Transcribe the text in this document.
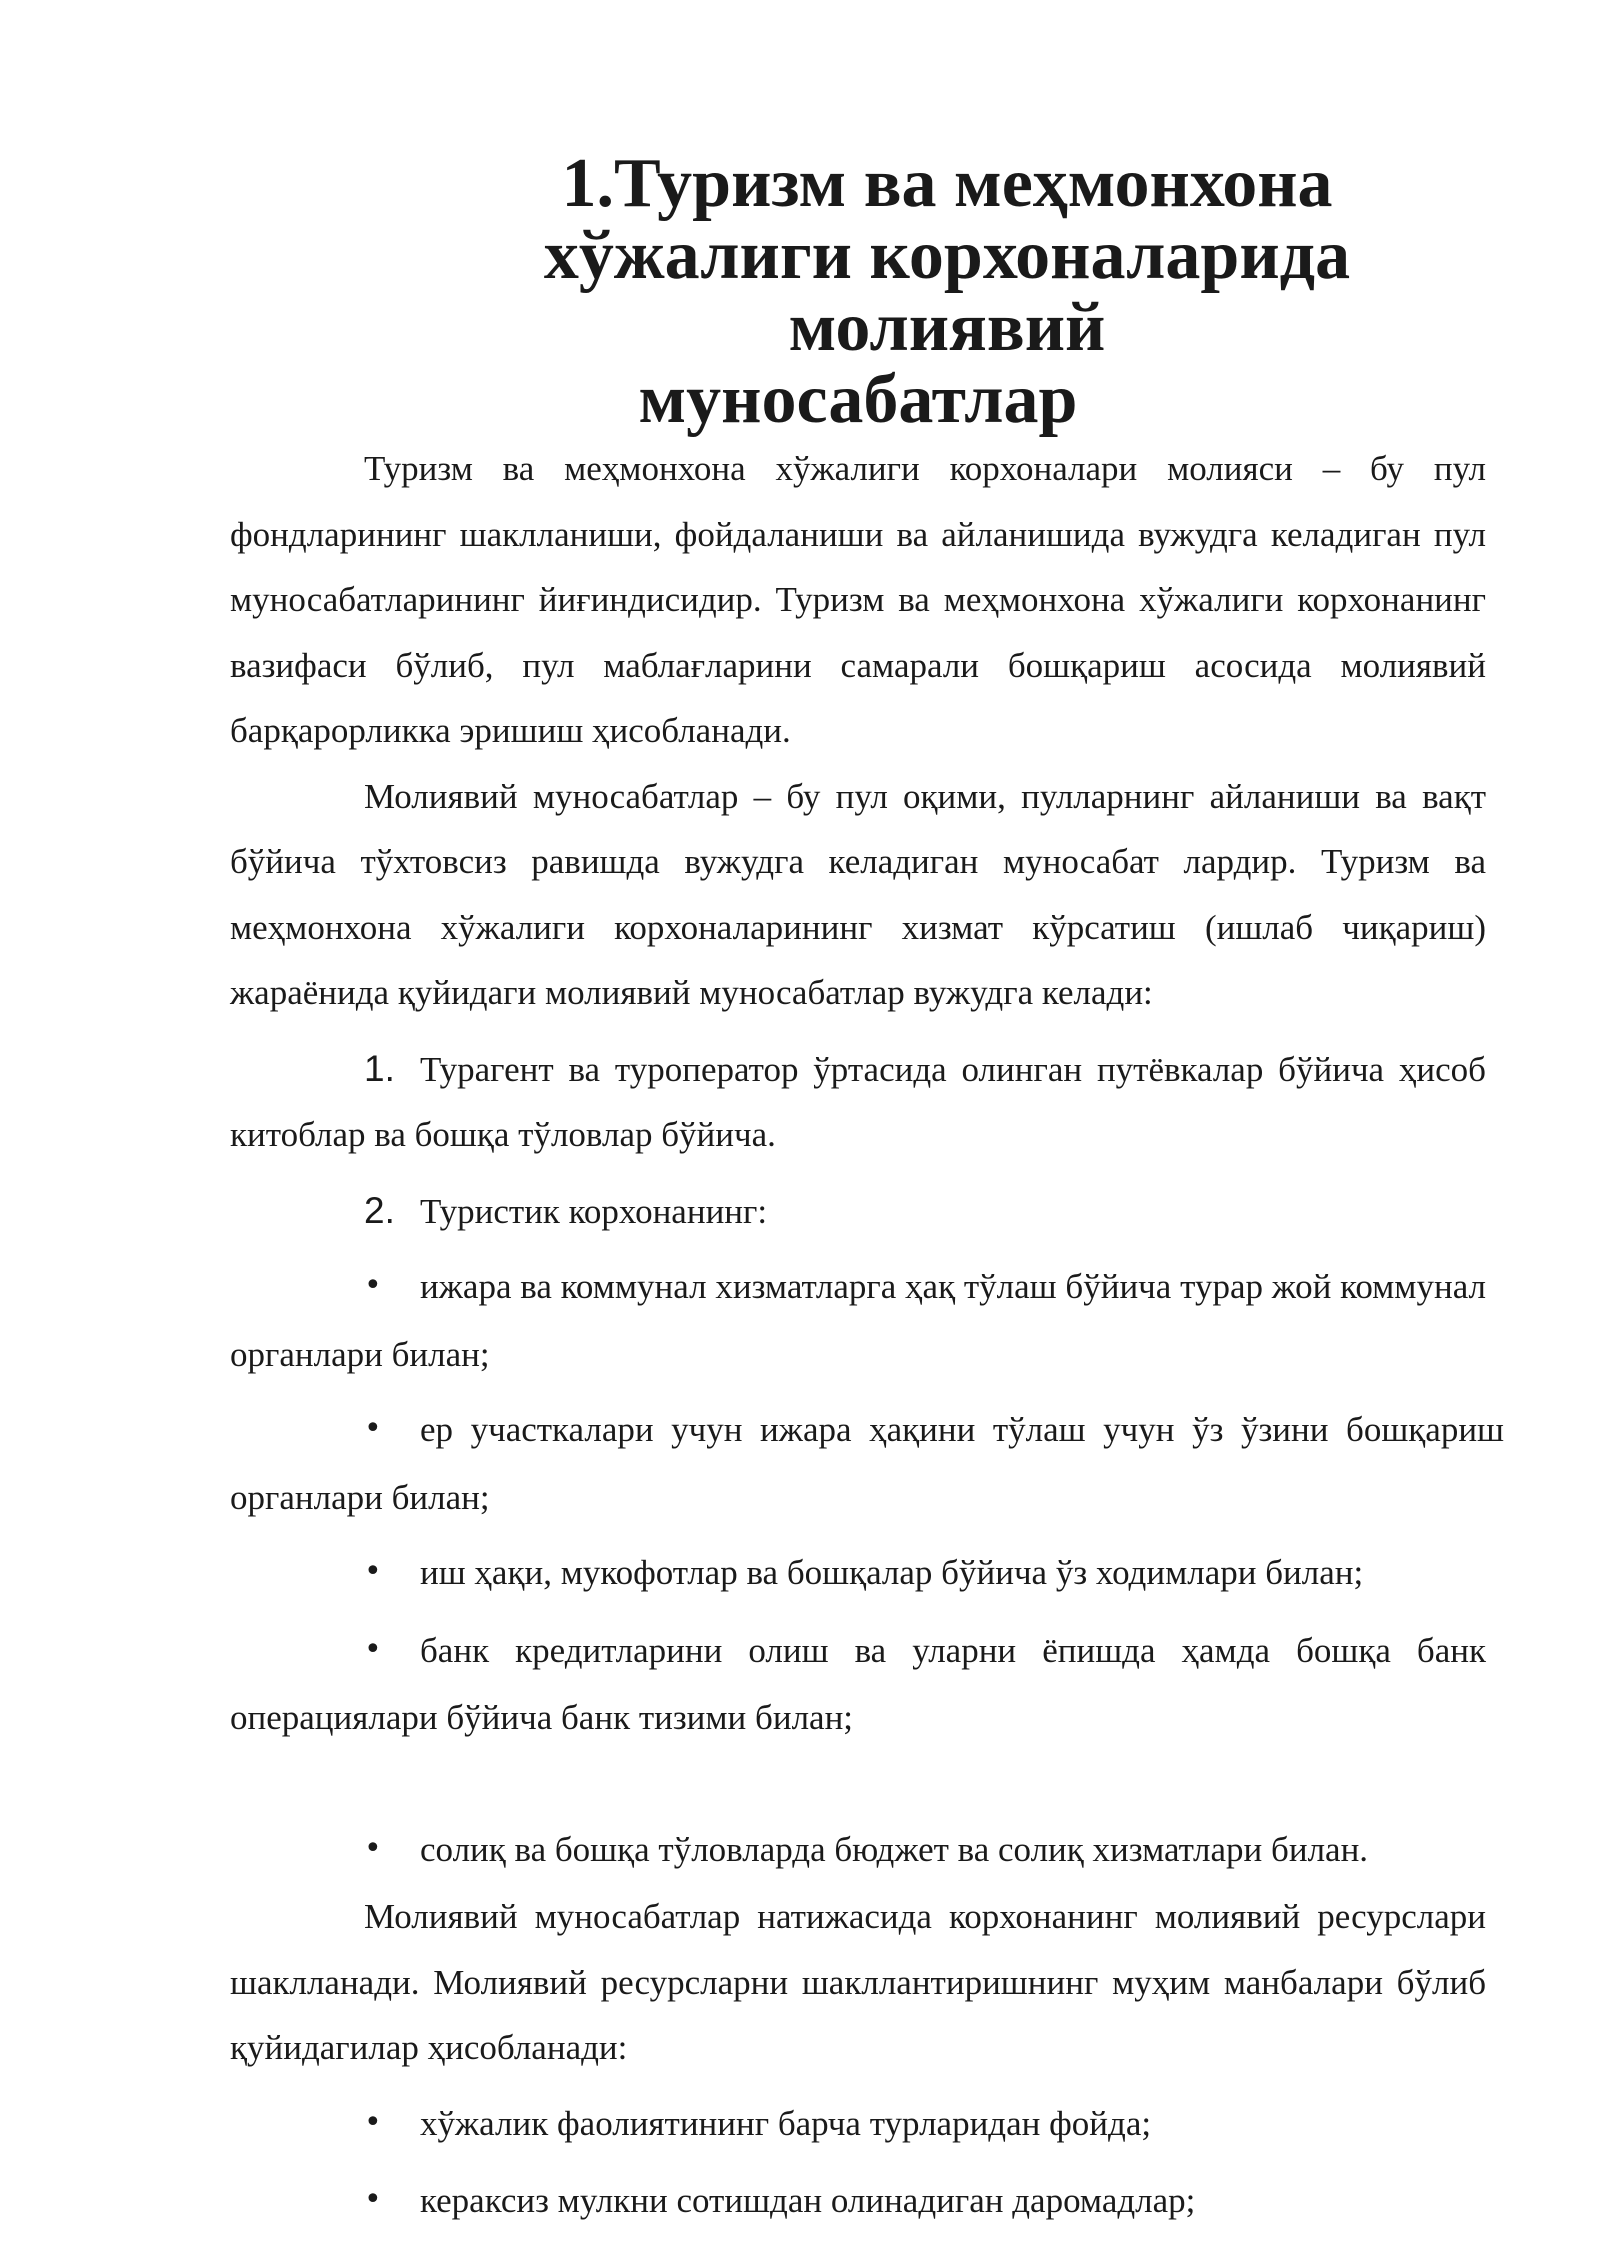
1.Туризм ва меҳмонхона хўжалиги корхоналарида молиявий
муносабатлар

Туризм ва меҳмонхона хўжалиги корхоналари молияси – бу пул фондларининг шаклланиши, фойдаланиши ва айланишида вужудга келадиган пул муносабатларининг йиғиндисидир. Туризм ва меҳмонхона хўжалиги корхонанинг вазифаси бўлиб, пул маблағларини самарали бошқариш асосида молиявий барқарорликка эришиш ҳисобланади.

Молиявий муносабатлар – бу пул оқими, пулларнинг айланиши ва вақт бўйича тўхтовсиз равишда вужудга келадиган муносабат лардир. Туризм ва меҳмонхона хўжалиги корхоналарининг хизмат кўрсатиш (ишлаб чиқариш) жараёнида қуйидаги молиявий муносабатлар вужудга келади:

1. Турагент ва туроператор ўртасида олинган путёвкалар бўйича ҳисоб китоблар ва бошқа тўловлар бўйича.

2. Туристик корхонанинг:

• ижара ва коммунал хизматларга ҳақ тўлаш бўйича турар жой коммунал органлари билан;

• ер участкалари учун ижара ҳақини тўлаш учун ўз ўзини бошқариш органлари билан;

• иш ҳақи, мукофотлар ва бошқалар бўйича ўз ходимлари билан;

• банк кредитларини олиш ва уларни ёпишда ҳамда бошқа банк операциялари бўйича банк тизими билан;

• солиқ ва бошқа тўловларда бюджет ва солиқ хизматлари билан.

Молиявий муносабатлар натижасида корхонанинг молиявий ресурслари шаклланади. Молиявий ресурсларни шакллантиришнинг муҳим манбалари бўлиб қуйидагилар ҳисобланади:

• хўжалик фаолиятининг барча турларидан фойда;

• кераксиз мулкни сотишдан олинадиган даромадлар;
